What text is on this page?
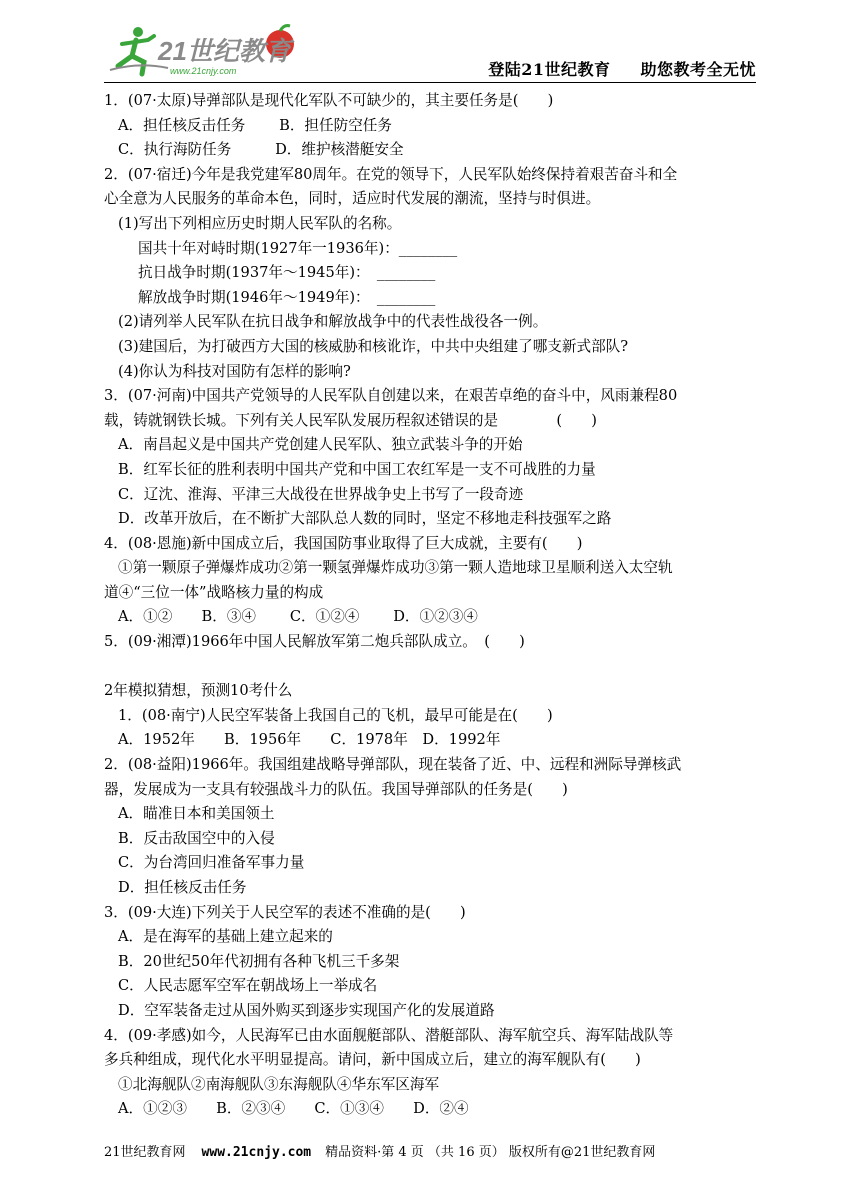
21世纪教育
www.21cnjy.com	登陆21世纪教育 助您教考全无忧

1．(07·太原)导弹部队是现代化军队不可缺少的，其主要任务是(　　)

A．担任核反击任务　　 B．担任防空任务

C．执行海防任务　　　D．维护核潜艇安全

2．(07·宿迁)今年是我党建军80周年。在党的领导下，人民军队始终保持着艰苦奋斗和全

心全意为人民服务的革命本色，同时，适应时代发展的潮流，坚持与时俱进。

(1)写出下列相应历史时期人民军队的名称。

国共十年对峙时期(1927年一1936年)：________

抗日战争时期(1937年～1945年)：　________

解放战争时期(1946年～1949年)：　________

(2)请列举人民军队在抗日战争和解放战争中的代表性战役各一例。

(3)建国后，为打破西方大国的核威胁和核讹诈，中共中央组建了哪支新式部队?

(4)你认为科技对国防有怎样的影响?

3．(07·河南)中国共产党领导的人民军队自创建以来，在艰苦卓绝的奋斗中，风雨兼程80

载，铸就钢铁长城。下列有关人民军队发展历程叙述错误的是　　　　(　　)

A．南昌起义是中国共产党创建人民军队、独立武装斗争的开始

B．红军长征的胜利表明中国共产党和中国工农红军是一支不可战胜的力量

C．辽沈、淮海、平津三大战役在世界战争史上书写了一段奇迹

D．改革开放后，在不断扩大部队总人数的同时，坚定不移地走科技强军之路

4．(08·恩施)新中国成立后，我国国防事业取得了巨大成就，主要有(　　)

①第一颗原子弹爆炸成功②第一颗氢弹爆炸成功③第一颗人造地球卫星顺利送入太空轨

道④“三位一体”战略核力量的构成

A．①②　　B．③④　　 C．①②④　　 D．①②③④

5．(09·湘潭)1966年中国人民解放军第二炮兵部队成立。　(　　)

2年模拟猜想，预测10考什么

1．(08·南宁)人民空军装备上我国自己的飞机，最早可能是在(　　)

A．1952年　　B．1956年　　C．1978年　D．1992年

2．(08·益阳)1966年。我国组建战略导弹部队，现在装备了近、中、远程和洲际导弹核武

器，发展成为一支具有较强战斗力的队伍。我国导弹部队的任务是(　　)

A．瞄准日本和美国领土

B．反击敌国空中的入侵

C．为台湾回归准备军事力量

D．担任核反击任务

3．(09·大连)下列关于人民空军的表述不准确的是(　　)

A．是在海军的基础上建立起来的

B．20世纪50年代初拥有各种飞机三千多架

C．人民志愿军空军在朝战场上一举成名

D．空军装备走过从国外购买到逐步实现国产化的发展道路

4．(09·孝感)如今，人民海军已由水面舰艇部队、潜艇部队、海军航空兵、海军陆战队等

多兵种组成，现代化水平明显提高。请问，新中国成立后，建立的海军舰队有(　　)

①北海舰队②南海舰队③东海舰队④华东军区海军

A．①②③　　B．②③④　　C．①③④　　D．②④

21世纪教育网 www.21cnjy.com 精品资料·第 4 页 （共 16 页） 版权所有@21世纪教育网
